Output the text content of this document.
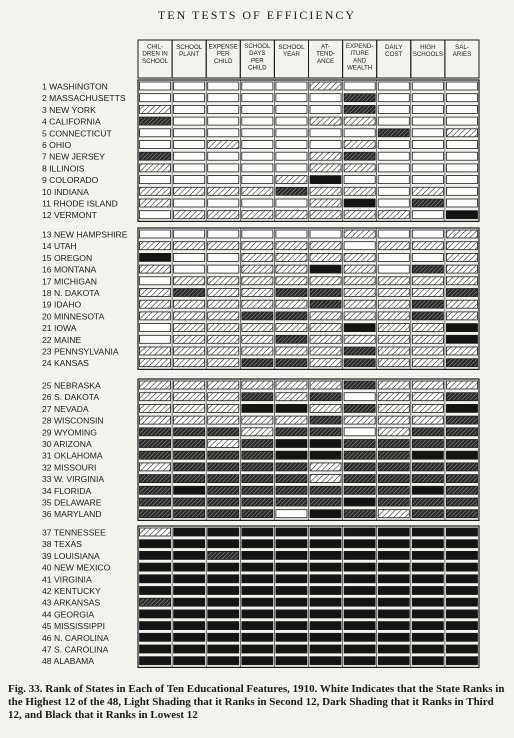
TEN TESTS OF EFFICIENCY
CHIL-
DREN IN
SCHOOL
SCHOOL
PLANT
EXPENSE
PER
CHILD
SCHOOL
DAYS
PER
CHILD
SCHOOL
YEAR
AT-
TEND-
ANCE
EXPEND-
ITURE
AND
WEALTH
DAILY
COST
HIGH
SCHOOLS
SAL-
ARIES
1 WASHINGTON
2 MASSACHUSETTS
3 NEW YORK
4 CALIFORNIA
5 CONNECTICUT
6 OHIO
7 NEW JERSEY
8 ILLINOIS
9 COLORADO
10 INDIANA
11 RHODE ISLAND
12 VERMONT
13 NEW HAMPSHIRE
14 UTAH
15 OREGON
16 MONTANA
17 MICHIGAN
18 N. DAKOTA
19 IDAHO
20 MINNESOTA
21 IOWA
22 MAINE
23 PENNSYLVANIA
24 KANSAS
25 NEBRASKA
26 S. DAKOTA
27 NEVADA
28 WISCONSIN
29 WYOMING
30 ARIZONA
31 OKLAHOMA
32 MISSOURI
33 W. VIRGINIA
34 FLORIDA
35 DELAWARE
36 MARYLAND
37 TENNESSEE
38 TEXAS
39 LOUISIANA
40 NEW MEXICO
41 VIRGINIA
42 KENTUCKY
43 ARKANSAS
44 GEORGIA
45 MISSISSIPPI
46 N. CAROLINA
47 S. CAROLINA
48 ALABAMA
Fig. 33. Rank of States in Each of Ten Educational Features, 1910. White Indicates that the State Ranks in the Highest 12 of the 48, Light Shading that it Ranks in Second 12, Dark Shading that it Ranks in Third 12, and Black that it Ranks in Lowest 12
